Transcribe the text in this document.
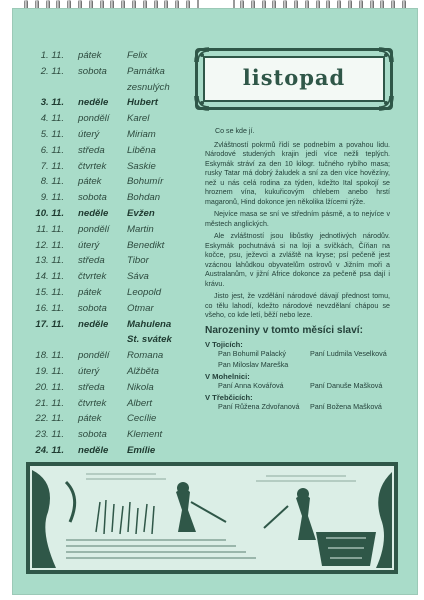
1. 11. pátek	Felix
2. 11. sobota Památka
zesnulých
3. 11. neděle Hubert
4. 11. pondělí Karel
5. 11. úterý	Miriam
6. 11. středa Liběna
7. 11. čtvrtek Saskie
8. 11. pátek	Bohumír
9. 11. sobota Bohdan
10. 11. neděle Evžen
11. 11. pondělí Martin
12. 11. úterý	Benedikt
13. 11. středa Tibor
14. 11. čtvrtek Sáva
15. 11. pátek	Leopold
16. 11. sobota Otmar
17. 11. neděle Mahulena
St. svátek
18. 11. pondělí Romana
19. 11. úterý	Alžběta
20. 11. středa Nikola
21. 11. čtvrtek Albert
22. 11. pátek	Cecílie
23. 11. sobota Klement
24. 11. neděle Emílie
listopad

Co se kde jí.

Zvláštností pokrmů řídí se podnebím a povahou lidu. Národové studených krajin jedí více nežli teplých. Eskymák stráví za den 10 kilogr. tučného rybího masa; rusky Tatar má dobrý žaludek a sní za den více hovězíny, než u nás celá rodina za týden, kdežto Ital spokojí se hroznem vína, kukuřicovým chlebem anebo hrstí magaronů, Hind dokonce jen několika lžícemi rýže.

Nejvíce masa se sní ve středním pásmě, a to nejvíce v městech anglických.

Ale zvláštností jsou libůstky jednotlivých národův. Eskymák pochutnává si na loji a svíčkách, Číňan na kočce, psu, ježevci a zvláště na krysе; psí pečeně jest vzácnou lahůdkou obyvatelům ostrovů v Jižním moři a Australanům, v jižní Africe dokonce za pečeně psa dají i krávu.

Jisto jest, že vzdělání národové dávají přednost tomu, co tělu lahodí, kdežto národové nevzdělaní chápou se všeho, co kde letí, běží nebo leze.

Narozeniny v tomto měsíci slaví:
V Tojicích:
Pan Bohumil Palacký	Paní Ludmila Veselková
Pan Miloslav Mareška
V Mohelnici:
Paní Anna Kovářová	Paní Danuše Mašková
V Třebčicích:
Paní Růžena Zdvořanová Paní Božena Mašková
